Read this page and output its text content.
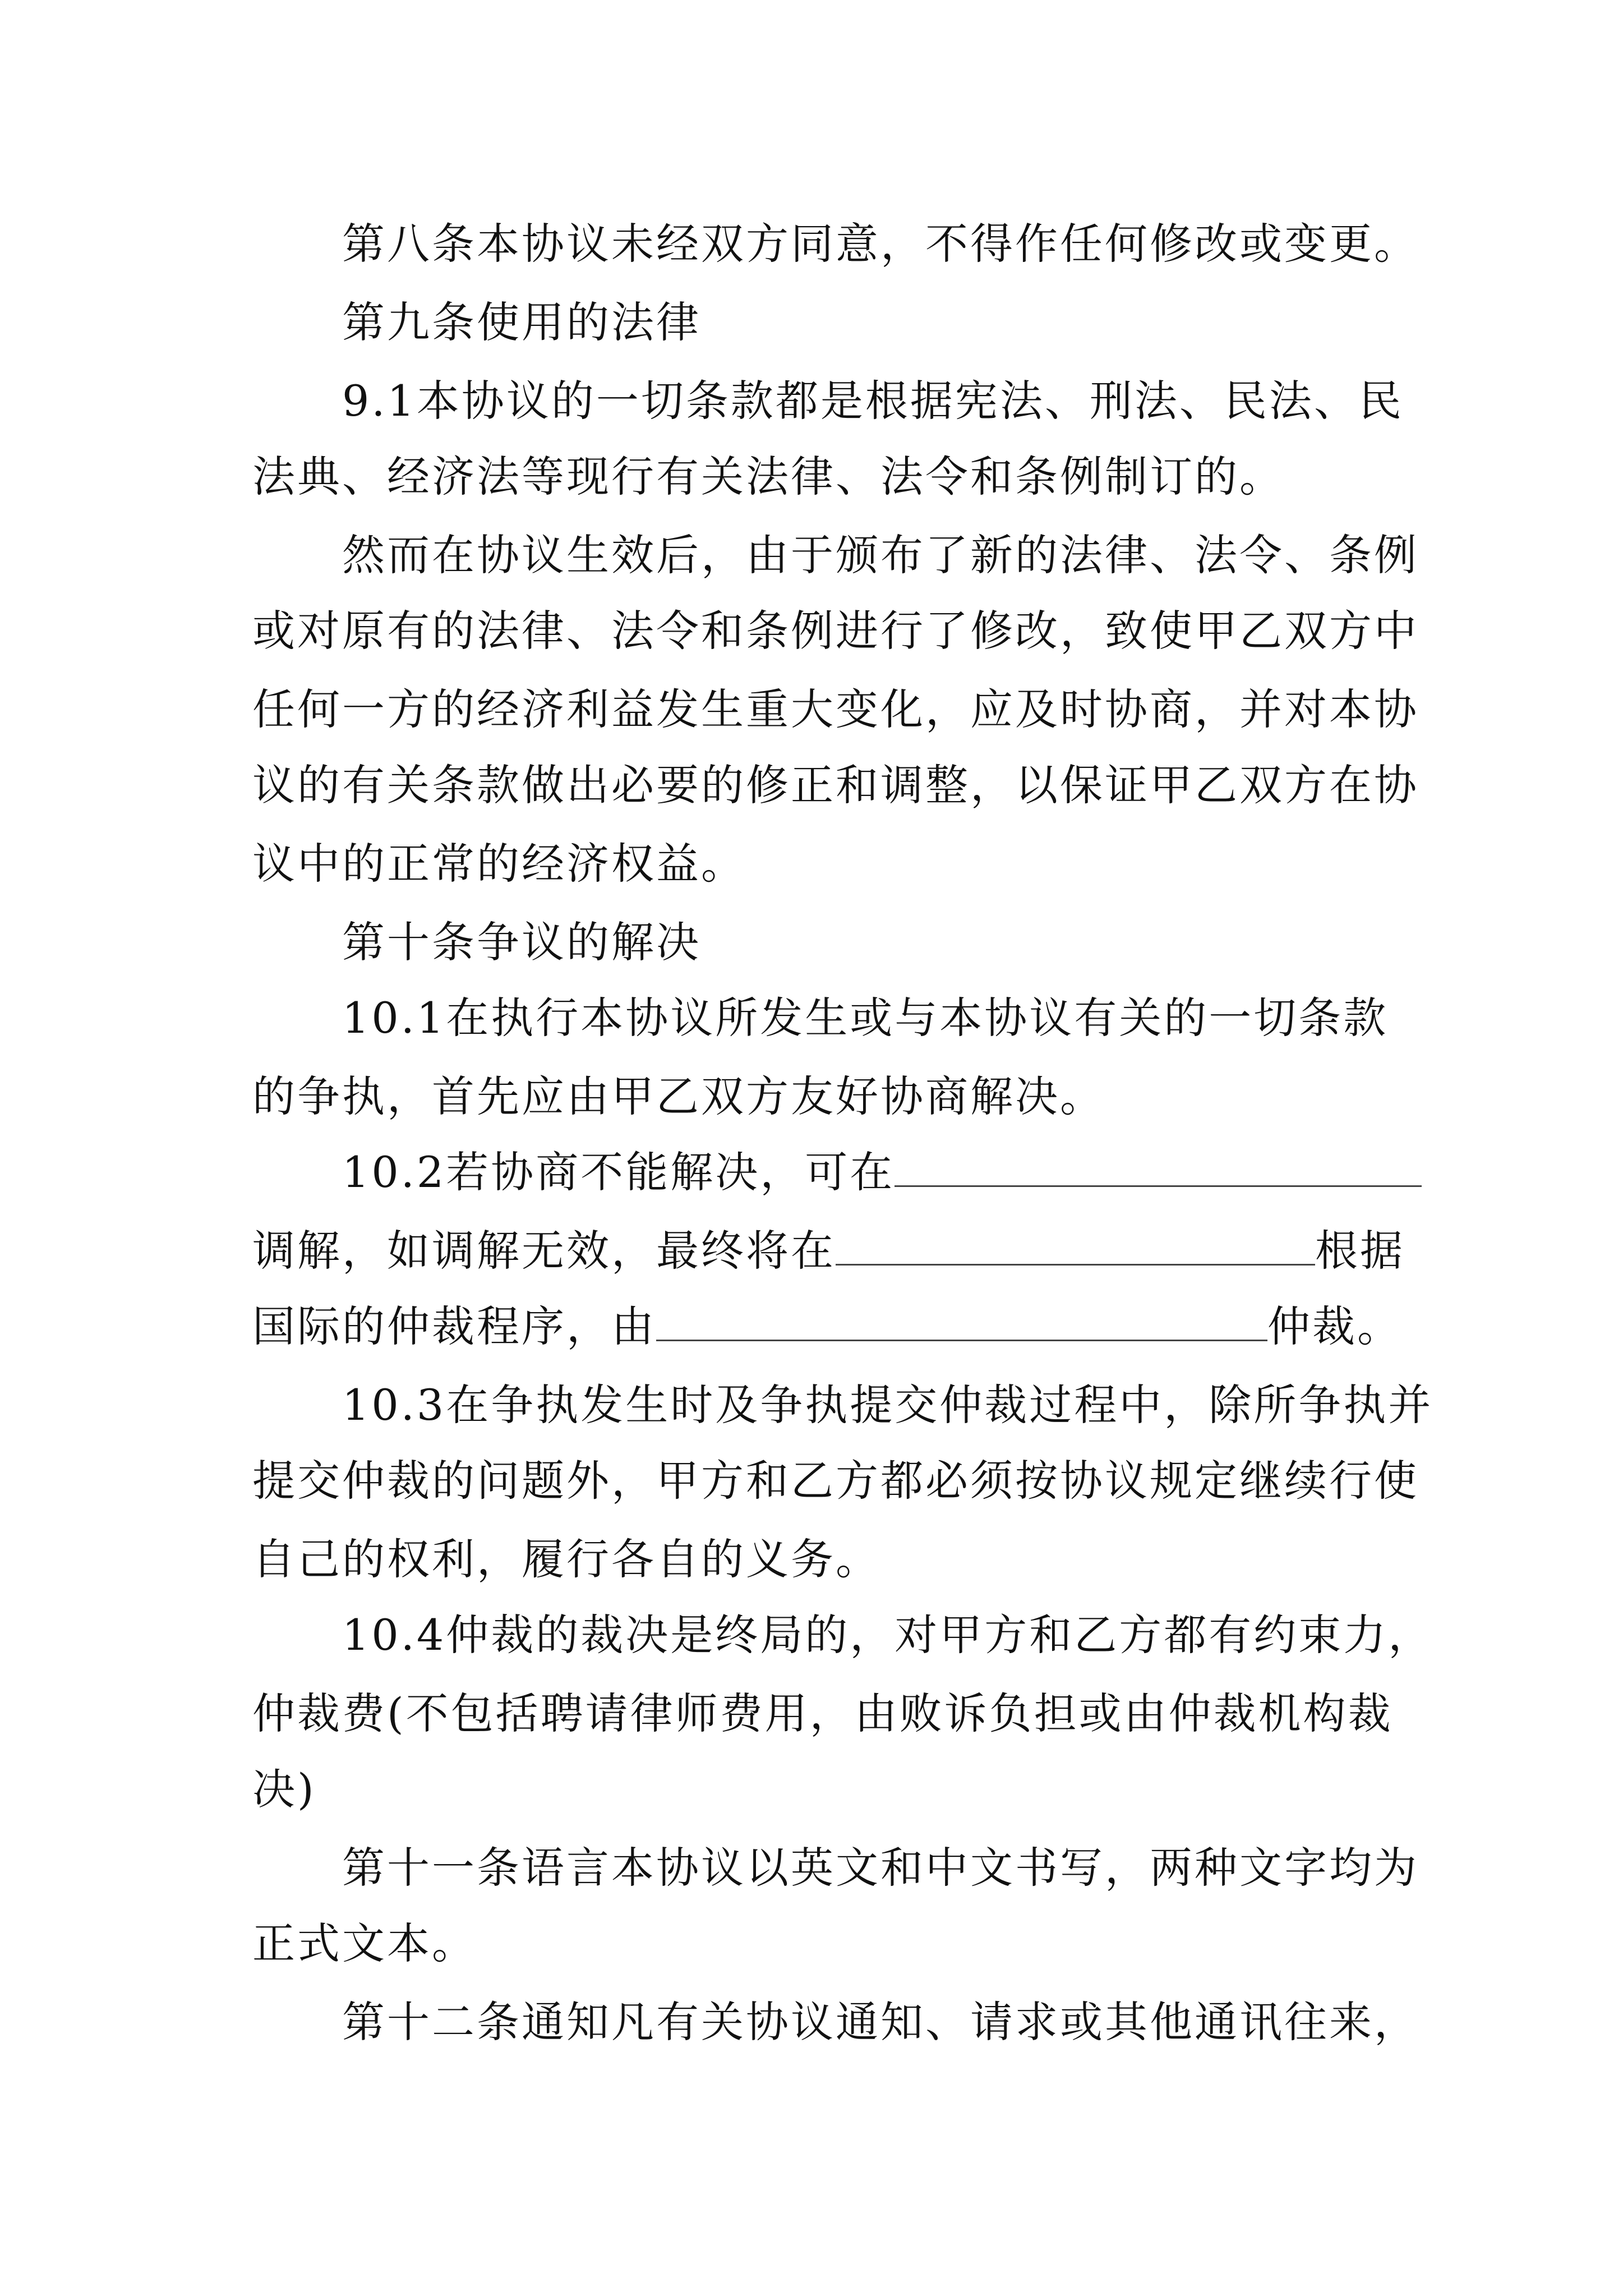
第八条本协议未经双方同意，不得作任何修改或变更。
第九条使用的法律
9.1本协议的一切条款都是根据宪法、刑法、民法、民
法典、经济法等现行有关法律、法令和条例制订的。
然而在协议生效后，由于颁布了新的法律、法令、条例
或对原有的法律、法令和条例进行了修改，致使甲乙双方中
任何一方的经济利益发生重大变化，应及时协商，并对本协
议的有关条款做出必要的修正和调整，以保证甲乙双方在协
议中的正常的经济权益。
第十条争议的解决
10.1在执行本协议所发生或与本协议有关的一切条款
的争执，首先应由甲乙双方友好协商解决。
10.2若协商不能解决，可在
调解，如调解无效，最终将在	根据
国际的仲裁程序，由	仲裁。
10.3在争执发生时及争执提交仲裁过程中，除所争执并
提交仲裁的问题外，甲方和乙方都必须按协议规定继续行使
自己的权利，履行各自的义务。
10.4仲裁的裁决是终局的，对甲方和乙方都有约束力，
仲裁费(不包括聘请律师费用，由败诉负担或由仲裁机构裁
决)
第十一条语言本协议以英文和中文书写，两种文字均为
正式文本。
第十二条通知凡有关协议通知、请求或其他通讯往来，
